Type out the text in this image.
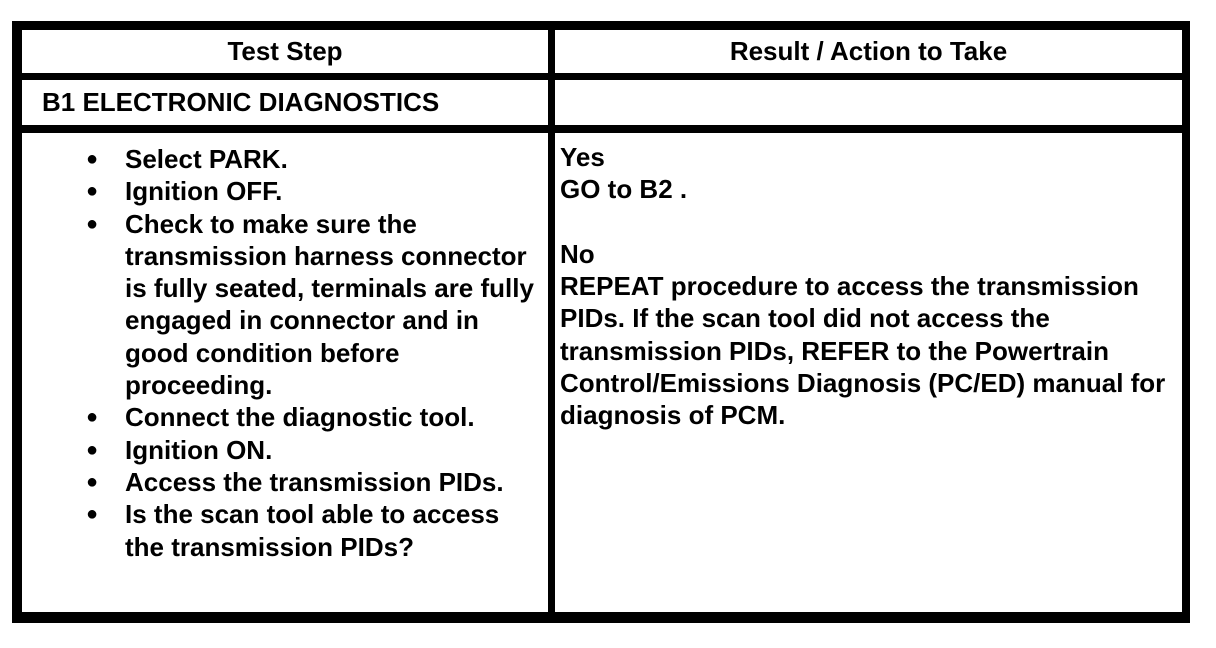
Test Step	Result / Action to Take
B1 ELECTRONIC DIAGNOSTICS
● Select PARK.
● Ignition OFF.
● Check to make sure the transmission harness connector is fully seated, terminals are fully engaged in connector and in good condition before proceeding.
● Connect the diagnostic tool.
● Ignition ON.
● Access the transmission PIDs.
● Is the scan tool able to access the transmission PIDs?

Yes

GO to B2 .

No

REPEAT procedure to access the transmission PIDs. If the scan tool did not access the transmission PIDs, REFER to the Powertrain Control/Emissions Diagnosis (PC/ED) manual for diagnosis of PCM.
